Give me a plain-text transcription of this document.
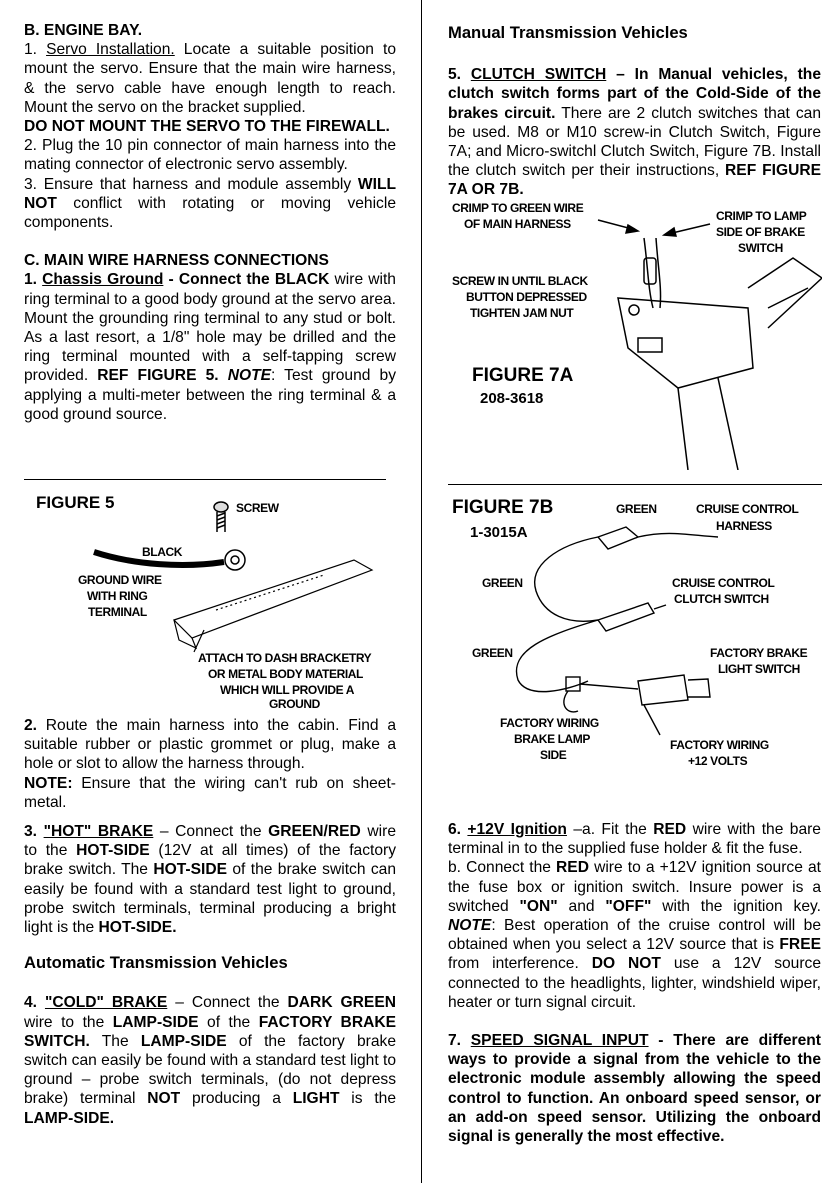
B. ENGINE BAY.

1. Servo Installation. Locate a suitable position to mount the servo. Ensure that the main wire harness, & the servo cable have enough length to reach. Mount the servo on the bracket supplied.

DO NOT MOUNT THE SERVO TO THE FIREWALL.

2. Plug the 10 pin connector of main harness into the mating connector of electronic servo assembly.

3. Ensure that harness and module assembly WILL NOT conflict with rotating or moving vehicle components.

C. MAIN WIRE HARNESS CONNECTIONS

1. Chassis Ground - Connect the BLACK wire with ring terminal to a good body ground at the servo area. Mount the grounding ring terminal to any stud or bolt. As a last resort, a 1/8" hole may be drilled and the ring terminal mounted with a self-tapping screw provided. REF FIGURE 5. NOTE: Test ground by applying a multi-meter between the ring terminal & a good ground source.

FIGURE 5	SCREW
BLACK
GROUND WIRE
WITH RING
TERMINAL
ATTACH TO DASH BRACKETRY
OR METAL BODY MATERIAL
WHICH WILL PROVIDE A
GROUND

2. Route the main harness into the cabin. Find a suitable rubber or plastic grommet or plug, make a hole or slot to allow the harness through.

NOTE: Ensure that the wiring can't rub on sheet-metal.

3. "HOT" BRAKE – Connect the GREEN/RED wire to the HOT-SIDE (12V at all times) of the factory brake switch. The HOT-SIDE of the brake switch can easily be found with a standard test light to ground, probe switch terminals, terminal producing a bright light is the HOT-SIDE.

Automatic Transmission Vehicles

4. "COLD" BRAKE – Connect the DARK GREEN wire to the LAMP-SIDE of the FACTORY BRAKE SWITCH. The LAMP-SIDE of the factory brake switch can easily be found with a standard test light to ground – probe switch terminals, (do not depress brake) terminal NOT producing a LIGHT is the LAMP-SIDE.

Manual Transmission Vehicles

5. CLUTCH SWITCH – In Manual vehicles, the clutch switch forms part of the Cold-Side of the brakes circuit. There are 2 clutch switches that can be used. M8 or M10 screw-in Clutch Switch, Figure 7A; and Micro-switchl Clutch Switch, Figure 7B. Install the clutch switch per their instructions, REF FIGURE 7A OR 7B.

CRIMP TO GREEN WIRE
OF MAIN HARNESS
CRIMP TO LAMP
SIDE OF BRAKE
SWITCH
SCREW IN UNTIL BLACK
BUTTON DEPRESSED
TIGHTEN JAM NUT
FIGURE 7A
208-3618
FIGURE 7B
1-3015A
GREEN	CRUISE CONTROL
HARNESS
GREEN	CRUISE CONTROL
CLUTCH SWITCH
GREEN	FACTORY BRAKE
LIGHT SWITCH
FACTORY WIRING
BRAKE LAMP
SIDE
FACTORY WIRING
+12 VOLTS

6. +12V Ignition –a. Fit the RED wire with the bare terminal in to the supplied fuse holder & fit the fuse.

b. Connect the RED wire to a +12V ignition source at the fuse box or ignition switch. Insure power is a switched "ON" and "OFF" with the ignition key. NOTE: Best operation of the cruise control will be obtained when you select a 12V source that is FREE from interference. DO NOT use a 12V source connected to the headlights, lighter, windshield wiper, heater or turn signal circuit.

7. SPEED SIGNAL INPUT - There are different ways to provide a signal from the vehicle to the electronic module assembly allowing the speed control to function. An onboard speed sensor, or an add-on speed sensor. Utilizing the onboard signal is generally the most effective.
